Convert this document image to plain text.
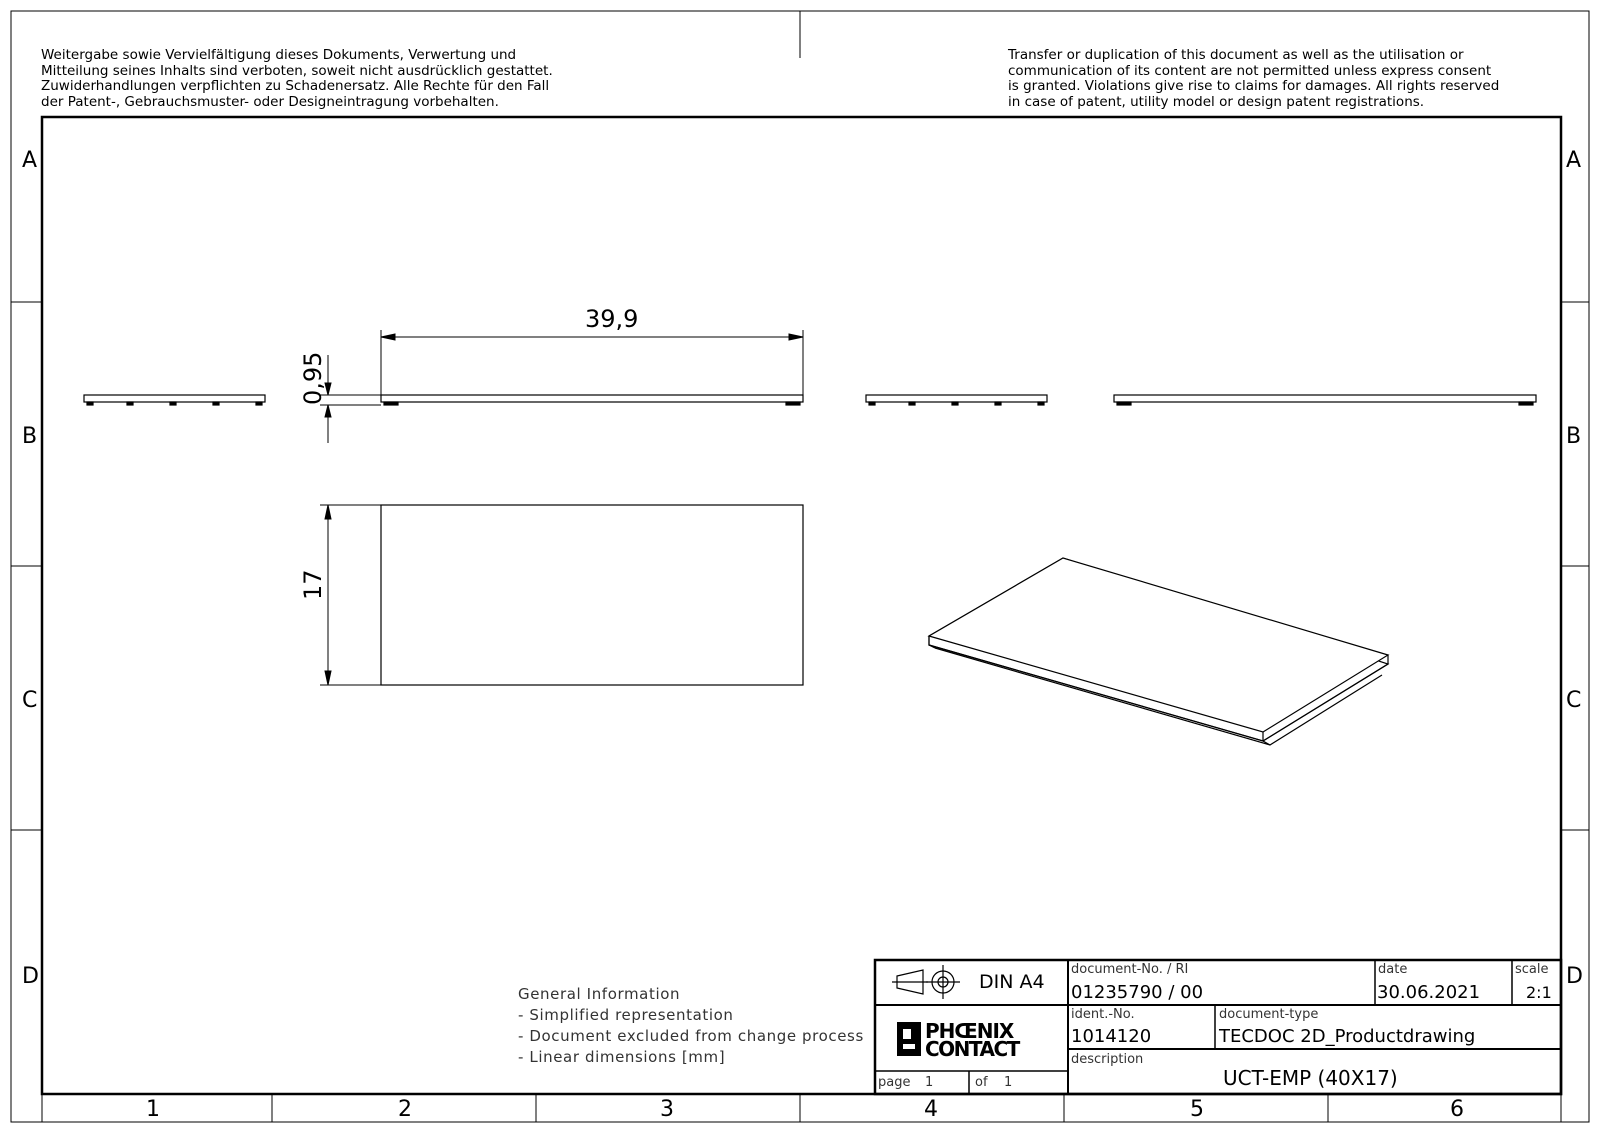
Weitergabe sowie Vervielfältigung dieses Dokuments, Verwertung und
Mitteilung seines Inhalts sind verboten, soweit nicht ausdrücklich gestattet.
Zuwiderhandlungen verpflichten zu Schadenersatz. Alle Rechte für den Fall
der Patent-, Gebrauchsmuster- oder Designeintragung vorbehalten.
Transfer or duplication of this document as well as the utilisation or
communication of its content are not permitted unless express consent
is granted. Violations give rise to claims for damages. All rights reserved
in case of patent, utility model or design patent registrations.
A
B
C
D
A
B
C
D
1	2	3	4	5	6
39,9
0,95
17
PHŒNIX
CONTACT
General Information
- Simplified representation
- Document excluded from change process
- Linear dimensions [mm]
DIN A4
page 1	of 1
document-No. / RI
01235790 / 00
date
30.06.2021
scale
2:1
ident.-No.
1014120
document-type
TECDOC 2D_Productdrawing
description
UCT-EMP (40X17)
